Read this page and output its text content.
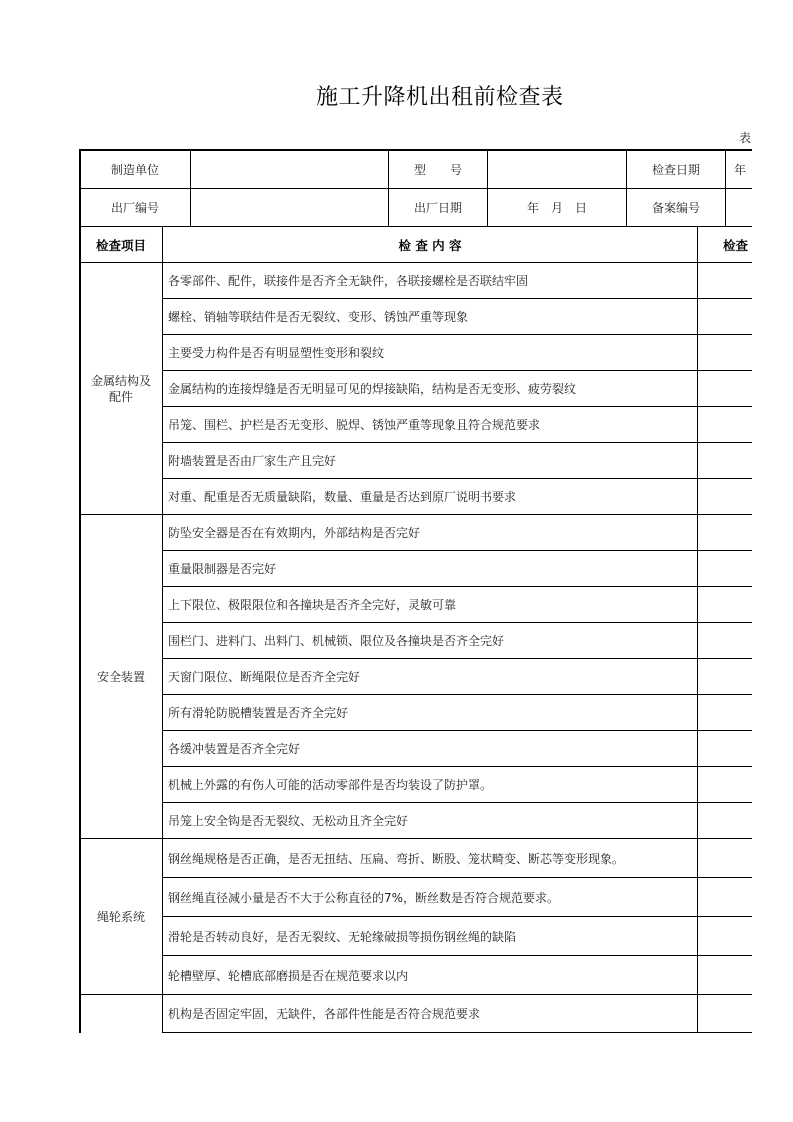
施工升降机出租前检查表
表
制造单位	型　　号	检查日期	年
出厂编号	出厂日期	年　月　日	备案编号
检查项目	检 查 内 容	检查
金属结构及
配件
各零部件、配件，联接件是否齐全无缺件，各联接螺栓是否联结牢固
螺栓、销轴等联结件是否无裂纹、变形、锈蚀严重等现象
主要受力构件是否有明显塑性变形和裂纹
金属结构的连接焊缝是否无明显可见的焊接缺陷，结构是否无变形、疲劳裂纹
吊笼、围栏、护栏是否无变形、脱焊、锈蚀严重等现象且符合规范要求
附墙装置是否由厂家生产且完好
对重、配重是否无质量缺陷，数量、重量是否达到原厂说明书要求
安全装置
防坠安全器是否在有效期内，外部结构是否完好
重量限制器是否完好
上下限位、极限限位和各撞块是否齐全完好，灵敏可靠
围栏门、进料门、出料门、机械锁、限位及各撞块是否齐全完好
天窗门限位、断绳限位是否齐全完好
所有滑轮防脱槽装置是否齐全完好
各缓冲装置是否齐全完好
机械上外露的有伤人可能的活动零部件是否均装设了防护罩。
吊笼上安全钩是否无裂纹、无松动且齐全完好
绳轮系统
钢丝绳规格是否正确，是否无扭结、压扁、弯折、断股、笼状畸变、断芯等变形现象。
钢丝绳直径减小量是否不大于公称直径的7%，断丝数是否符合规范要求。
滑轮是否转动良好，是否无裂纹、无轮缘破损等损伤钢丝绳的缺陷
轮槽壁厚、轮槽底部磨损是否在规范要求以内
机构是否固定牢固，无缺件，各部件性能是否符合规范要求
